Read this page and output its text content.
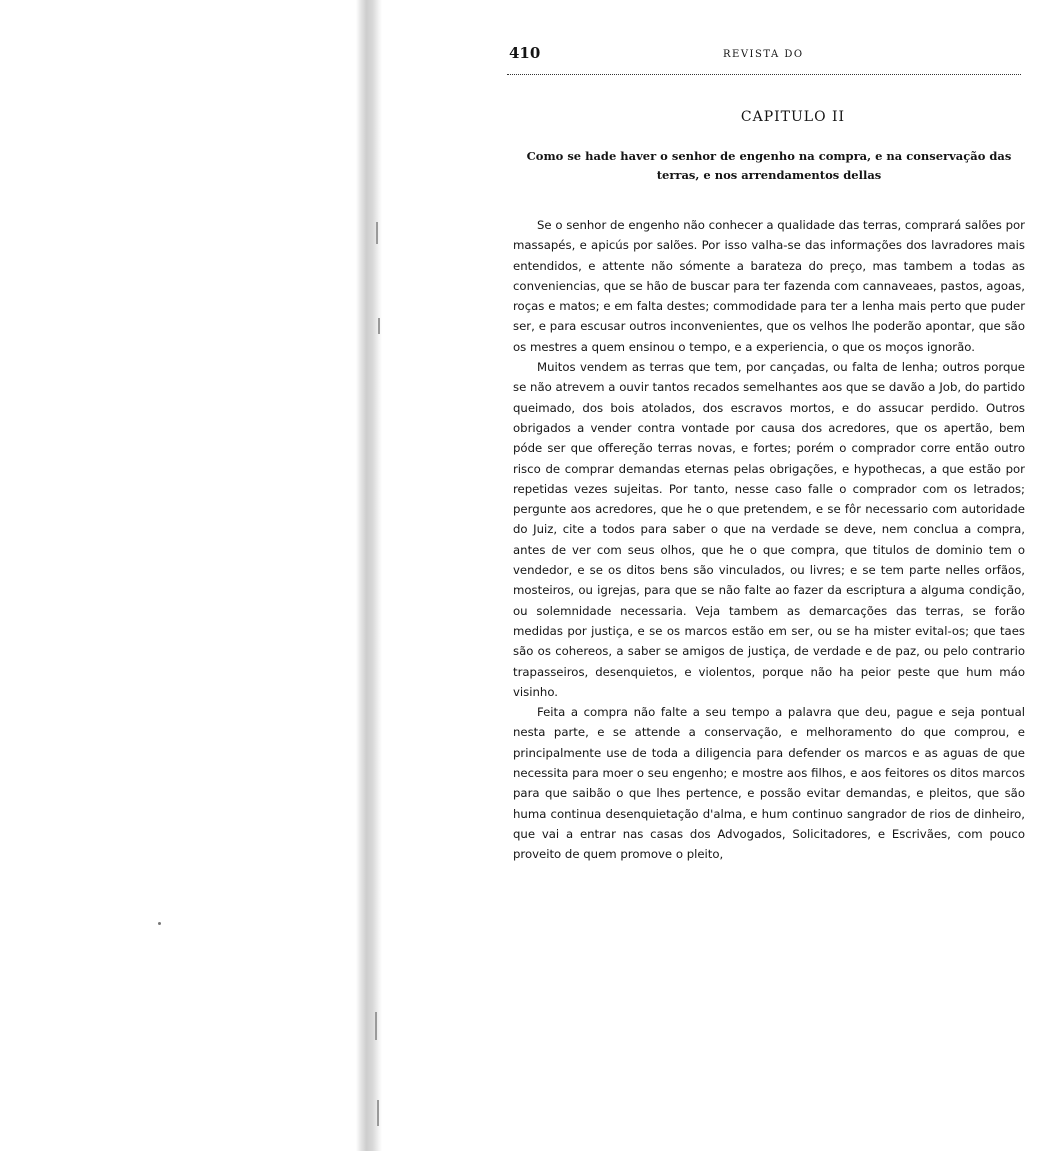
410	REVISTA DO
CAPITULO II
Como se hade haver o senhor de engenho na compra, e na conservação das terras, e nos arrendamentos dellas

Se o senhor de engenho não conhecer a qualidade das terras, comprará salões por massapés, e apicús por salões. Por isso valha-se das informações dos lavradores mais entendidos, e attente não sómente a barateza do preço, mas tambem a todas as conveniencias, que se hão de buscar para ter fazenda com cannaveaes, pastos, agoas, roças e matos; e em falta destes; commodidade para ter a lenha mais perto que puder ser, e para escusar outros inconvenientes, que os velhos lhe poderão apontar, que são os mestres a quem ensinou o tempo, e a experiencia, o que os moços ignorão.

Muitos vendem as terras que tem, por cançadas, ou falta de lenha; outros porque se não atrevem a ouvir tantos recados semelhantes aos que se davão a Job, do partido queimado, dos bois atolados, dos escravos mortos, e do assucar perdido. Outros obrigados a vender contra vontade por causa dos acredores, que os apertão, bem póde ser que offereção terras novas, e fortes; porém o comprador corre então outro risco de comprar demandas eternas pelas obrigações, e hypothecas, a que estão por repetidas vezes sujeitas. Por tanto, nesse caso falle o comprador com os letrados; pergunte aos acredores, que he o que pretendem, e se fôr necessario com autoridade do Juiz, cite a todos para saber o que na verdade se deve, nem conclua a compra, antes de ver com seus olhos, que he o que compra, que titulos de dominio tem o vendedor, e se os ditos bens são vinculados, ou livres; e se tem parte nelles orfãos, mosteiros, ou igrejas, para que se não falte ao fazer da escriptura a alguma condição, ou solemnidade necessaria. Veja tambem as demarcações das terras, se forão medidas por justiça, e se os marcos estão em ser, ou se ha mister evital-os; que taes são os cohereos, a saber se amigos de justiça, de verdade e de paz, ou pelo contrario trapasseiros, desenquietos, e violentos, porque não ha peior peste que hum máo visinho.

Feita a compra não falte a seu tempo a palavra que deu, pague e seja pontual nesta parte, e se attende a conservação, e melhoramento do que comprou, e principalmente use de toda a diligencia para defender os marcos e as aguas de que necessita para moer o seu engenho; e mostre aos filhos, e aos feitores os ditos marcos para que saibão o que lhes pertence, e possão evitar demandas, e pleitos, que são huma continua desenquietação d'alma, e hum continuo sangrador de rios de dinheiro, que vai a entrar nas casas dos Advogados, Solicitadores, e Escrivães, com pouco proveito de quem promove o pleito,
